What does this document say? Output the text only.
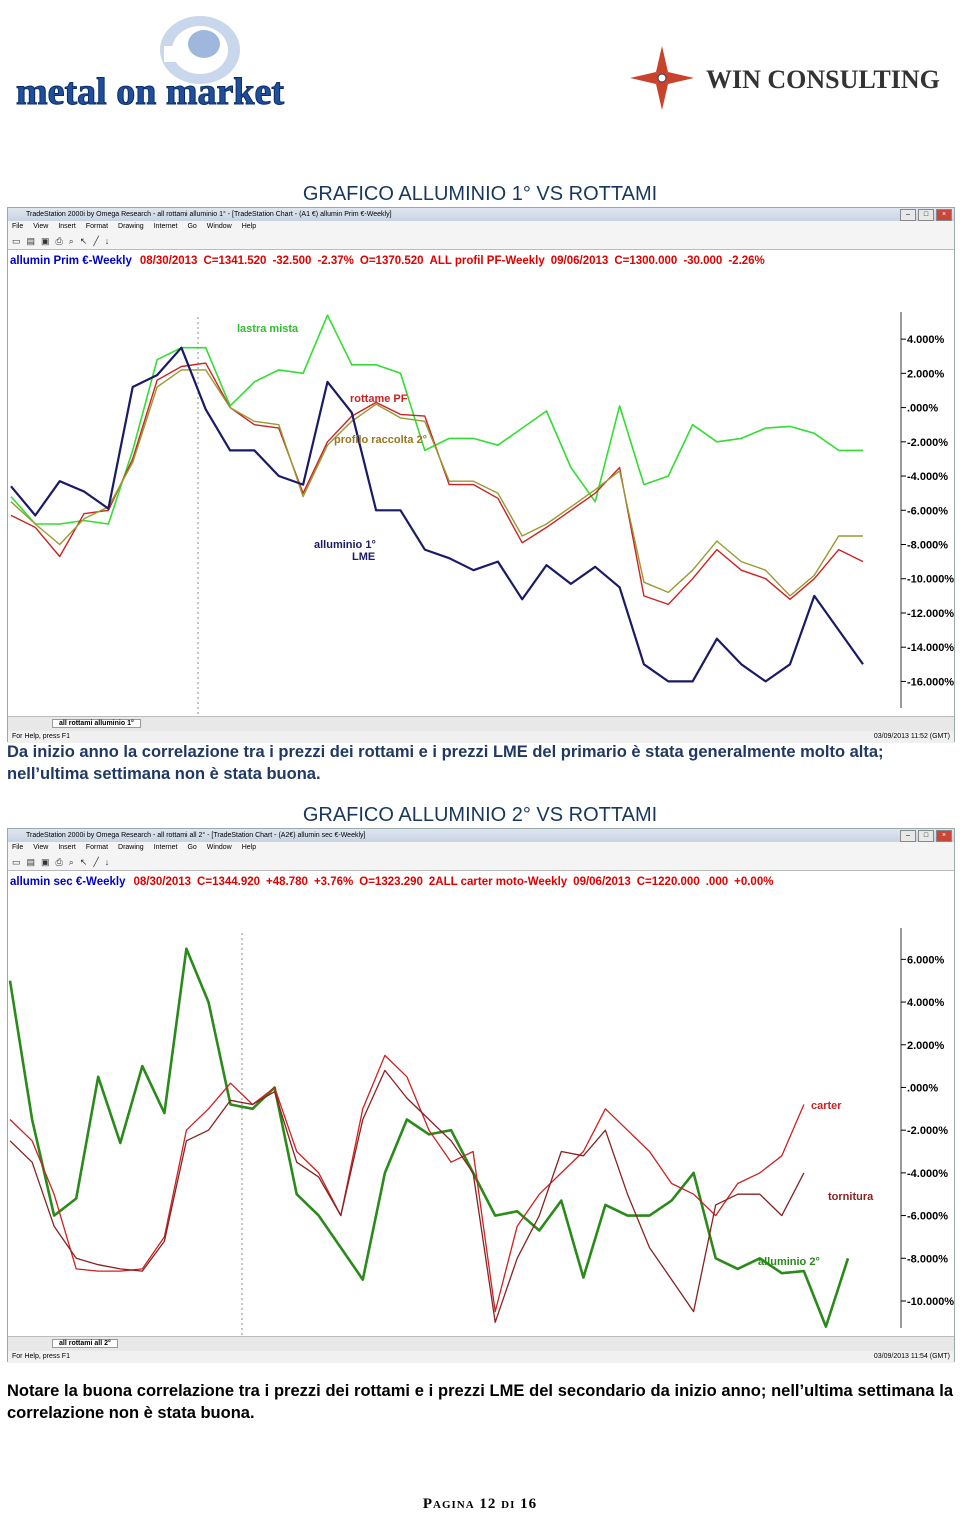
metal on market	WIN CONSULTING
GRAFICO ALLUMINIO 1° VS ROTTAMI
TradeStation 2000i by Omega Research - all rottami alluminio 1° - [TradeStation Chart - (A1 €) allumin Prim €-Weekly]	–	□	×
File View Insert Format Drawing Internet Go Window Help
▭ ▤ ▣ ⎙ ⌕ ↖ ╱ ↓
allumin Prim €-Weekly 08/30/2013 C=1341.520 -32.500 -2.37% O=1370.520 ALL profil PF-Weekly 09/06/2013 C=1300.000 -30.000 -2.26%
4.000%
2.000%
.000%
-2.000%
-4.000%
-6.000%
-8.000%
-10.000%
-12.000%
-14.000%
-16.000%
lastra mista
rottame PF
profilo raccolta 2°
alluminio 1°
LME
all rottami alluminio 1°
For Help, press F1	03/09/2013 11:52 (GMT)
Da inizio anno la correlazione tra i prezzi dei rottami e i prezzi LME del primario è stata generalmente molto alta; nell’ultima settimana non è stata buona.
GRAFICO ALLUMINIO 2° VS ROTTAMI
TradeStation 2000i by Omega Research - all rottami all 2° - [TradeStation Chart - (A2€) allumin sec €-Weekly]	–	□	×
File View Insert Format Drawing Internet Go Window Help
▭ ▤ ▣ ⎙ ⌕ ↖ ╱ ↓
allumin sec €-Weekly 08/30/2013 C=1344.920 +48.780 +3.76% O=1323.290 2ALL carter moto-Weekly 09/06/2013 C=1220.000 .000 +0.00%
6.000%
4.000%
2.000%
.000%
-2.000%
-4.000%
-6.000%
-8.000%
-10.000%
carter
tornitura
alluminio 2°
all rottami all 2°
For Help, press F1	03/09/2013 11:54 (GMT)
Notare la buona correlazione tra i prezzi dei rottami e i prezzi LME del secondario da inizio anno; nell’ultima settimana la correlazione non è stata buona.
Pagina 12 di 16
